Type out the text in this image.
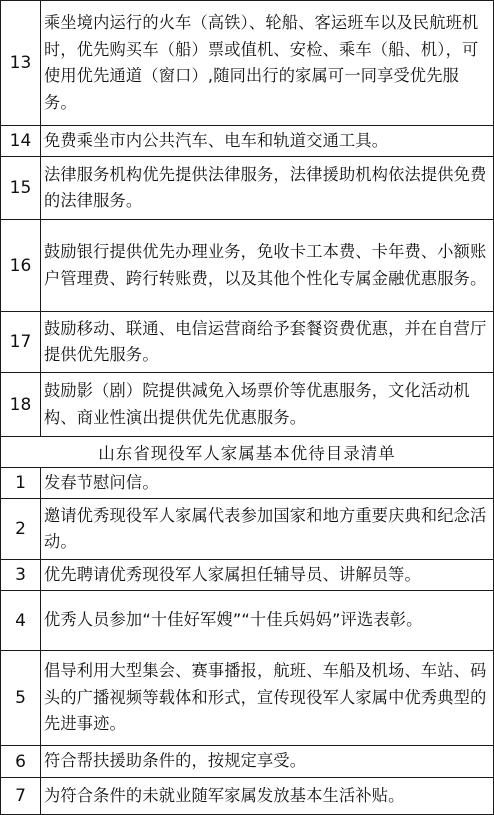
13	乘坐境内运行的火车（高铁）、轮船、客运班车以及民航班机时，优先购买车（船）票或值机、安检、乘车（船、机），可使用优先通道（窗口）,随同出行的家属可一同享受优先服务。
14	免费乘坐市内公共汽车、电车和轨道交通工具。
15	法律服务机构优先提供法律服务，法律援助机构依法提供免费的法律服务。
16	鼓励银行提供优先办理业务，免收卡工本费、卡年费、小额账户管理费、跨行转账费，以及其他个性化专属金融优惠服务。
17	鼓励移动、联通、电信运营商给予套餐资费优惠，并在自营厅提供优先服务。
18	鼓励影（剧）院提供减免入场票价等优惠服务，文化活动机构、商业性演出提供优先优惠服务。
山东省现役军人家属基本优待目录清单	
1	发春节慰问信。
2	邀请优秀现役军人家属代表参加国家和地方重要庆典和纪念活动。
3	优先聘请优秀现役军人家属担任辅导员、讲解员等。
4	优秀人员参加“十佳好军嫂”“十佳兵妈妈”评选表彰。
5	倡导利用大型集会、赛事播报，航班、车船及机场、车站、码头的广播视频等载体和形式，宣传现役军人家属中优秀典型的先进事迹。
6	符合帮扶援助条件的，按规定享受。
7	为符合条件的未就业随军家属发放基本生活补贴。
